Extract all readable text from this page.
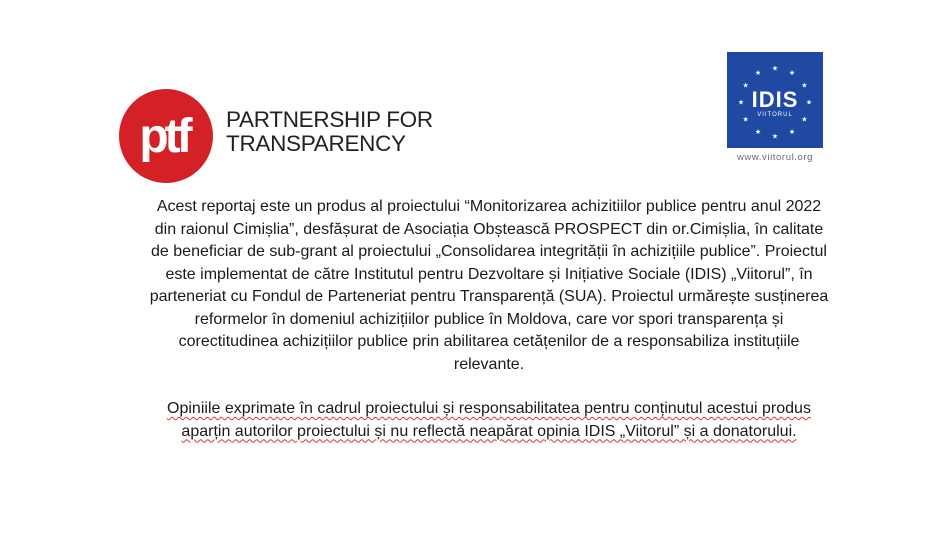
ptf PARTNERSHIP FOR
TRANSPARENCY
★
★
★
★
★
★
★
★
★
★
★
★
IDIS
VIITORUL
www.viitorul.org

Acest reportaj este un produs al proiectului “Monitorizarea achizitiilor publice pentru anul 2022

din raionul Cimișlia”, desfășurat de Asociația Obștească PROSPECT din or.Cimișlia, în calitate

de beneficiar de sub-grant al proiectului „Consolidarea integrității în achizițiile publice”. Proiectul

este implementat de către Institutul pentru Dezvoltare și Inițiative Sociale (IDIS) „Viitorul”, în

parteneriat cu Fondul de Parteneriat pentru Transparență (SUA). Proiectul urmărește susținerea

reformelor în domeniul achizițiilor publice în Moldova, care vor spori transparența și

corectitudinea achizițiilor publice prin abilitarea cetățenilor de a responsabiliza instituțiile

relevante.

Opiniile exprimate în cadrul proiectului și responsabilitatea pentru conținutul acestui produs

aparțin autorilor proiectului și nu reflectă neapărat opinia IDIS „Viitorul” și a donatorului.
